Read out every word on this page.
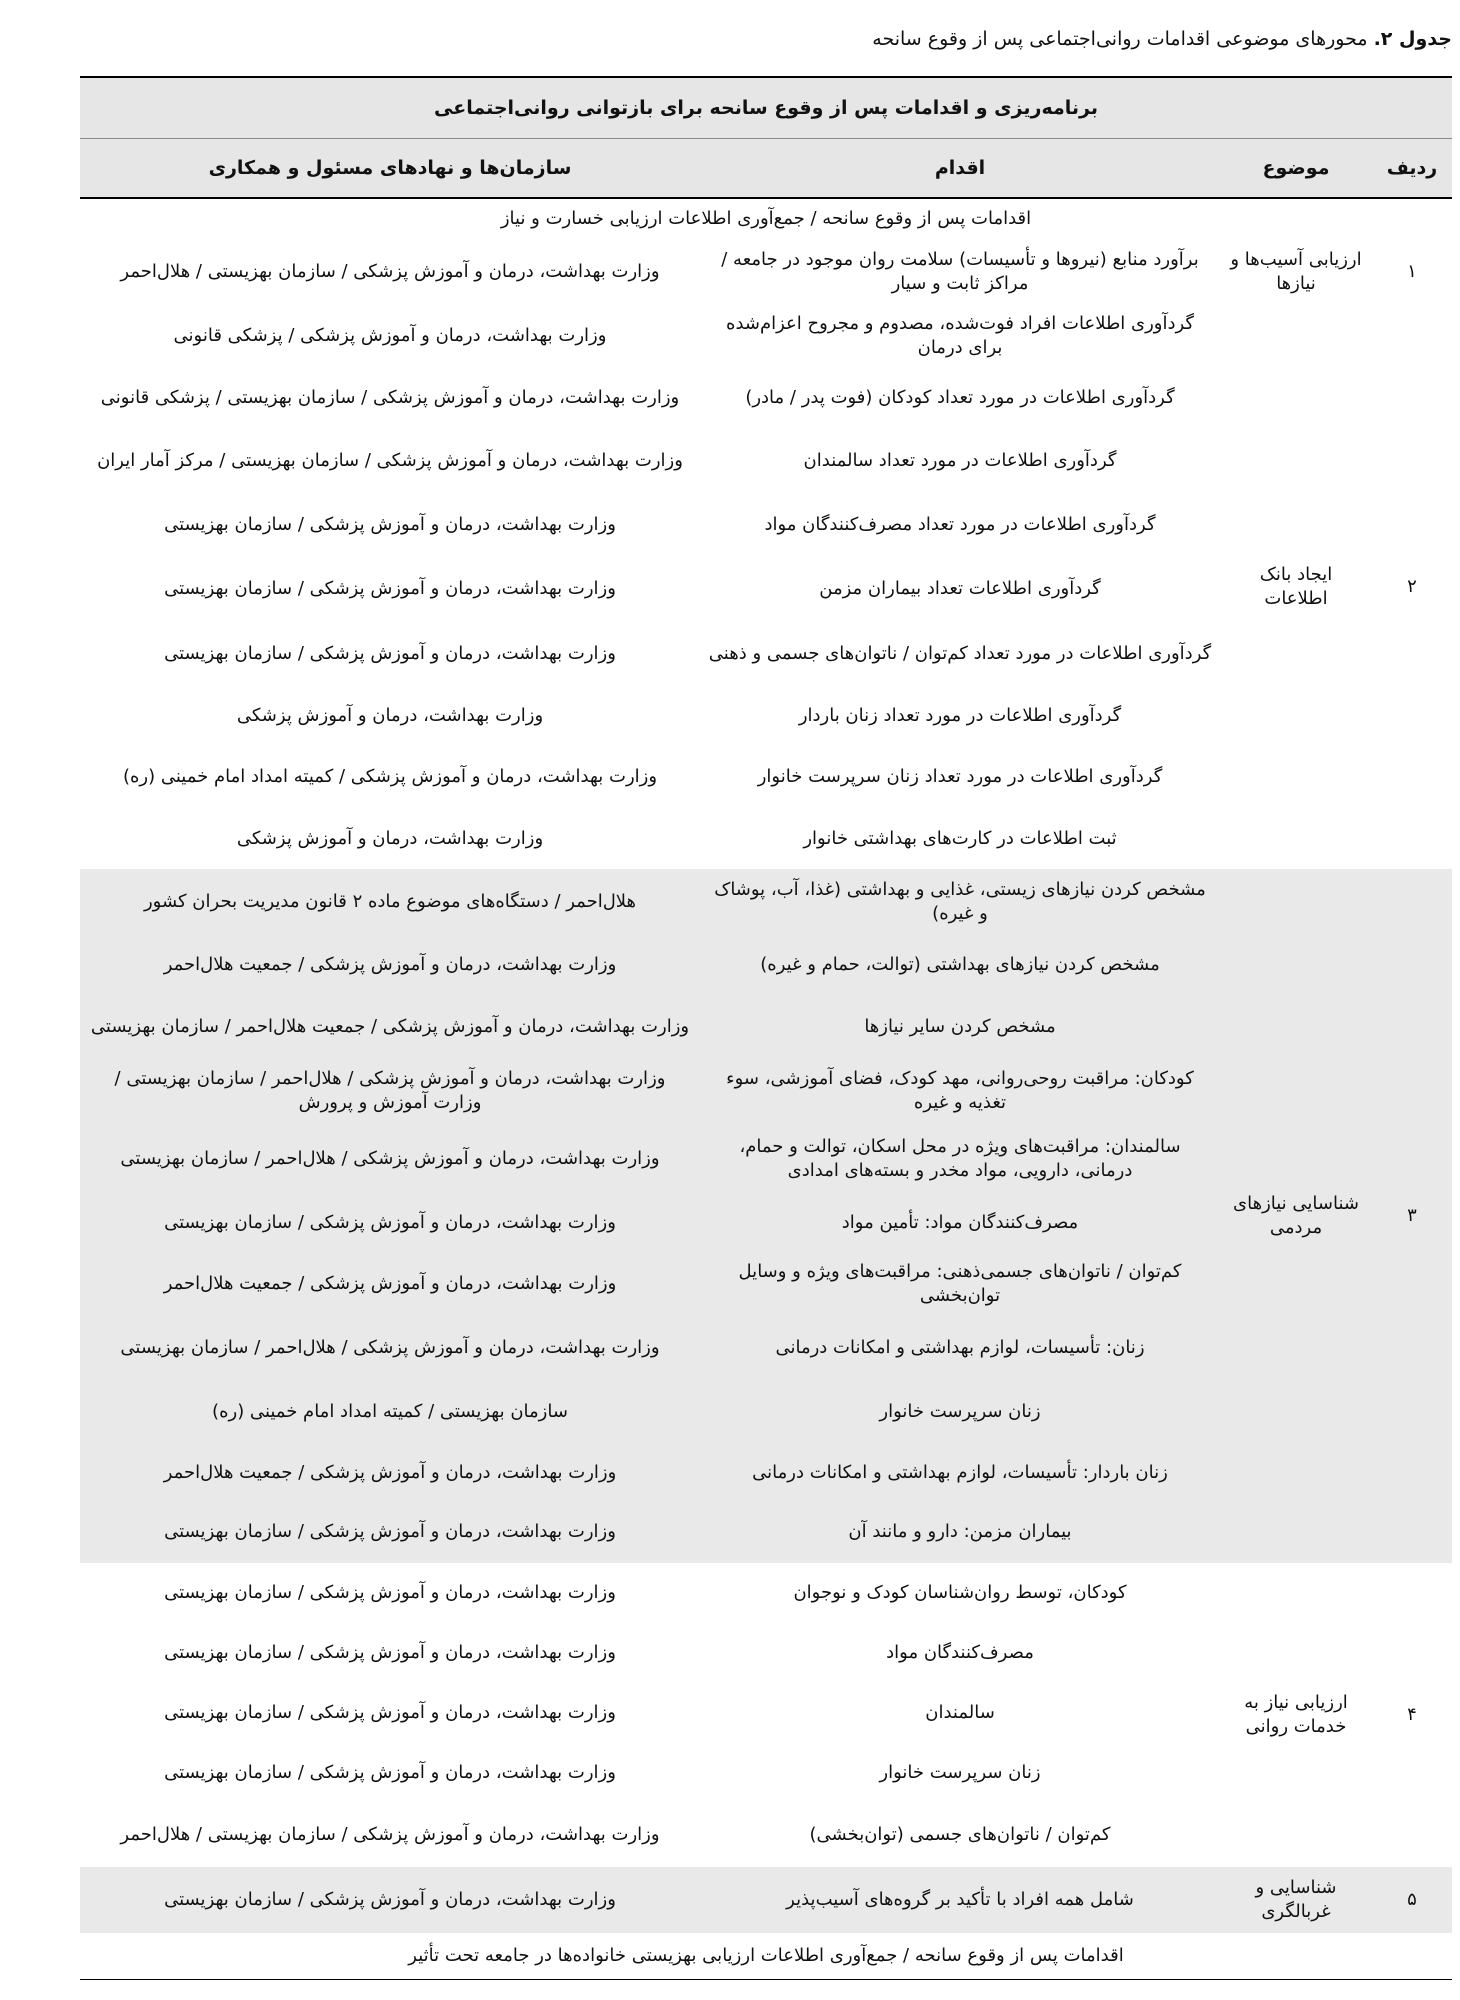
جدول ۲. محورهای موضوعی اقدامات روانی‌اجتماعی پس از وقوع سانحه
برنامه‌ریزی و اقدامات پس از وقوع سانحه برای بازتوانی روانی‌اجتماعی			
ردیف	موضوع	اقدام	سازمان‌ها و نهادهای مسئول و همکاری
اقدامات پس از وقوع سانحه / جمع‌آوری اطلاعات ارزیابی خسارت و نیاز			
۱	ارزیابی آسیب‌ها و نیازها	برآورد منابع (نیروها و تأسیسات) سلامت روان موجود در جامعه / مراکز ثابت و سیار	وزارت بهداشت، درمان و آموزش پزشکی / سازمان بهزیستی / هلال‌احمر
۲	ایجاد بانک اطلاعات	گردآوری اطلاعات افراد فوت‌شده، مصدوم و مجروح اعزام‌شده برای درمان	وزارت بهداشت، درمان و آموزش پزشکی / پزشکی قانونی
		گردآوری اطلاعات در مورد تعداد کودکان (فوت پدر / مادر)	وزارت بهداشت، درمان و آموزش پزشکی / سازمان بهزیستی / پزشکی قانونی
		گردآوری اطلاعات در مورد تعداد سالمندان	وزارت بهداشت، درمان و آموزش پزشکی / سازمان بهزیستی / مرکز آمار ایران
		گردآوری اطلاعات در مورد تعداد مصرف‌کنندگان مواد	وزارت بهداشت، درمان و آموزش پزشکی / سازمان بهزیستی
		گردآوری اطلاعات تعداد بیماران مزمن	وزارت بهداشت، درمان و آموزش پزشکی / سازمان بهزیستی
		گردآوری اطلاعات در مورد تعداد کم‌توان / ناتوان‌های جسمی و ذهنی	وزارت بهداشت، درمان و آموزش پزشکی / سازمان بهزیستی
		گردآوری اطلاعات در مورد تعداد زنان باردار	وزارت بهداشت، درمان و آموزش پزشکی
		گردآوری اطلاعات در مورد تعداد زنان سرپرست خانوار	وزارت بهداشت، درمان و آموزش پزشکی / کمیته امداد امام خمینی (ره)
		ثبت اطلاعات در کارت‌های بهداشتی خانوار	وزارت بهداشت، درمان و آموزش پزشکی
۳	شناسایی نیازهای مردمی	مشخص کردن نیازهای زیستی، غذایی و بهداشتی (غذا، آب، پوشاک و غیره)	هلال‌احمر / دستگاه‌های موضوع ماده ۲ قانون مدیریت بحران کشور
		مشخص کردن نیازهای بهداشتی (توالت، حمام و غیره)	وزارت بهداشت، درمان و آموزش پزشکی / جمعیت هلال‌احمر
		مشخص کردن سایر نیازها	وزارت بهداشت، درمان و آموزش پزشکی / جمعیت هلال‌احمر / سازمان بهزیستی
		کودکان: مراقبت روحی‌روانی، مهد کودک، فضای آموزشی، سوء تغذیه و غیره	وزارت بهداشت، درمان و آموزش پزشکی / هلال‌احمر / سازمان بهزیستی / وزارت آموزش و پرورش
		سالمندان: مراقبت‌های ویژه در محل اسکان، توالت و حمام، درمانی، دارویی، مواد مخدر و بسته‌های امدادی	وزارت بهداشت، درمان و آموزش پزشکی / هلال‌احمر / سازمان بهزیستی
		مصرف‌کنندگان مواد: تأمین مواد	وزارت بهداشت، درمان و آموزش پزشکی / سازمان بهزیستی
		کم‌توان / ناتوان‌های جسمی‌ذهنی: مراقبت‌های ویژه و وسایل توان‌بخشی	وزارت بهداشت، درمان و آموزش پزشکی / جمعیت هلال‌احمر
		زنان: تأسیسات، لوازم بهداشتی و امکانات درمانی	وزارت بهداشت، درمان و آموزش پزشکی / هلال‌احمر / سازمان بهزیستی
		زنان سرپرست خانوار	سازمان بهزیستی / کمیته امداد امام خمینی (ره)
		زنان باردار: تأسیسات، لوازم بهداشتی و امکانات درمانی	وزارت بهداشت، درمان و آموزش پزشکی / جمعیت هلال‌احمر
		بیماران مزمن: دارو و مانند آن	وزارت بهداشت، درمان و آموزش پزشکی / سازمان بهزیستی
۴	ارزیابی نیاز به خدمات روانی	کودکان، توسط روان‌شناسان کودک و نوجوان	وزارت بهداشت، درمان و آموزش پزشکی / سازمان بهزیستی
		مصرف‌کنندگان مواد	وزارت بهداشت، درمان و آموزش پزشکی / سازمان بهزیستی
		سالمندان	وزارت بهداشت، درمان و آموزش پزشکی / سازمان بهزیستی
		زنان سرپرست خانوار	وزارت بهداشت، درمان و آموزش پزشکی / سازمان بهزیستی
		کم‌توان / ناتوان‌های جسمی (توان‌بخشی)	وزارت بهداشت، درمان و آموزش پزشکی / سازمان بهزیستی / هلال‌احمر
۵	شناسایی و غربالگری	شامل همه افراد با تأکید بر گروه‌های آسیب‌پذیر	وزارت بهداشت، درمان و آموزش پزشکی / سازمان بهزیستی
اقدامات پس از وقوع سانحه / جمع‌آوری اطلاعات ارزیابی بهزیستی خانواده‌ها در جامعه تحت تأثیر			
